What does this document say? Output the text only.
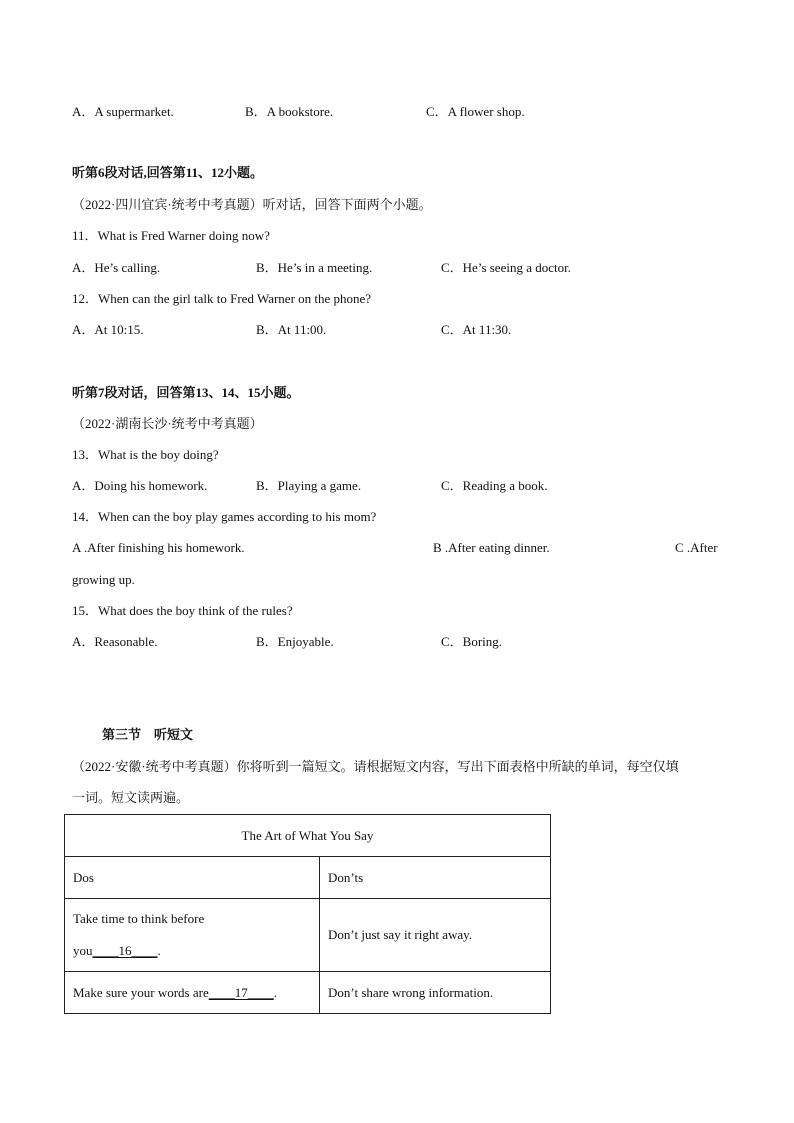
A．A supermarket.	B．A bookstore.	C．A flower shop.
听第6段对话,回答第11、12小题。
（2022·四川宜宾·统考中考真题）听对话，回答下面两个小题。
11．What is Fred Warner doing now?
A．He’s calling.	B．He’s in a meeting.	C．He’s seeing a doctor.
12．When can the girl talk to Fred Warner on the phone?
A．At 10:15.	B．At 11:00.	C．At 11:30.
听第7段对话，回答第13、14、15小题。
（2022·湖南长沙·统考中考真题）
13．What is the boy doing?
A．Doing his homework.	B．Playing a game.	C．Reading a book.
14．When can the boy play games according to his mom?
A .After finishing his homework.	B .After eating dinner.	C .After
growing up.
15．What does the boy think of the rules?
A．Reasonable.	B．Enjoyable.	C．Boring.
第三节　听短文
（2022·安徽·统考中考真题）你将听到一篇短文。请根据短文内容，写出下面表格中所缺的单词，每空仅填
一词。短文读两遍。
The Art of What You Say	
Dos	Don’ts

Take time to think before
you____16____.	Don’t just say it right away.
Make sure your words are____17____.	Don’t share wrong information.
